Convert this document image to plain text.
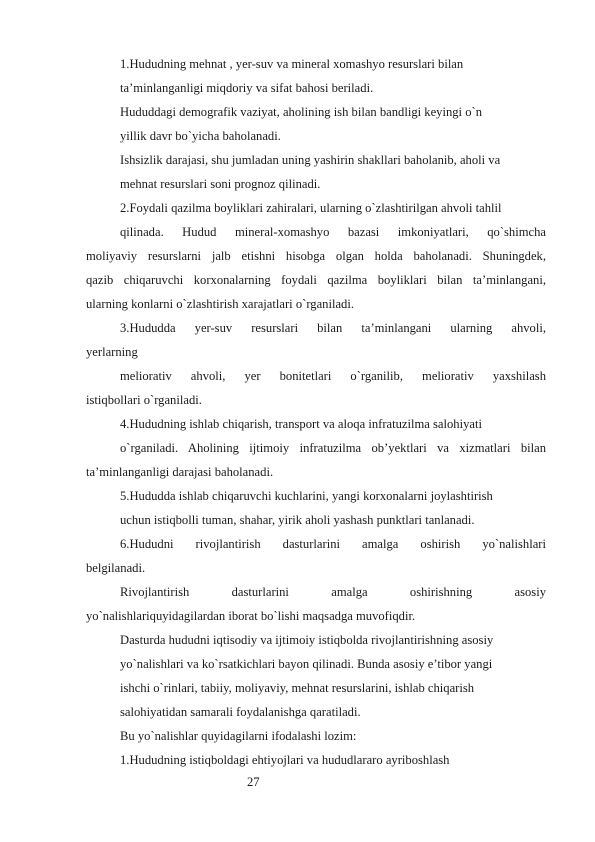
1.Hududning mehnat , yer-suv va mineral xomashyo resurslari bilan
ta’minlanganligi miqdoriy va sifat bahosi beriladi.
Hududdagi demografik vaziyat, aholining ish bilan bandligi keyingi o`n
yillik davr bo`yicha baholanadi.
Ishsizlik darajasi, shu jumladan uning yashirin shakllari baholanib, aholi va
mehnat resurslari soni prognoz qilinadi.
2.Foydali qazilma boyliklari zahiralari, ularning o`zlashtirilgan ahvoli tahlil
qilinada. Hudud mineral-xomashyo bazasi imkoniyatlari, qo`shimcha
moliyaviy resurslarni jalb etishni hisobga olgan holda baholanadi. Shuningdek,
qazib chiqaruvchi korxonalarning foydali qazilma boyliklari bilan ta’minlangani,
ularning konlarni o`zlashtirish xarajatlari o`rganiladi.
3.Hududda yer-suv resurslari bilan ta’minlangani ularning ahvoli,
yerlarning
meliorativ ahvoli, yer bonitetlari o`rganilib, meliorativ yaxshilash
istiqbollari o`rganiladi.
4.Hududning ishlab chiqarish, transport va aloqa infratuzilma salohiyati
o`rganiladi. Aholining ijtimoiy infratuzilma ob’yektlari va xizmatlari bilan
ta’minlanganligi darajasi baholanadi.
5.Hududda ishlab chiqaruvchi kuchlarini, yangi korxonalarni joylashtirish
uchun istiqbolli tuman, shahar, yirik aholi yashash punktlari tanlanadi.
6.Hududni rivojlantirish dasturlarini amalga oshirish yo`nalishlari
belgilanadi.
Rivojlantirish dasturlarini amalga oshirishning asosiy
yo`nalishlariquyidagilardan iborat bo`lishi maqsadga muvofiqdir.
Dasturda hududni iqtisodiy va ijtimoiy istiqbolda rivojlantirishning asosiy
yo`nalishlari va ko`rsatkichlari bayon qilinadi. Bunda asosiy e’tibor yangi
ishchi o`rinlari, tabiiy, moliyaviy, mehnat resurslarini, ishlab chiqarish
salohiyatidan samarali foydalanishga qaratiladi.
Bu yo`nalishlar quyidagilarni ifodalashi lozim:
1.Hududning istiqboldagi ehtiyojlari va hududlararo ayriboshlash
27
